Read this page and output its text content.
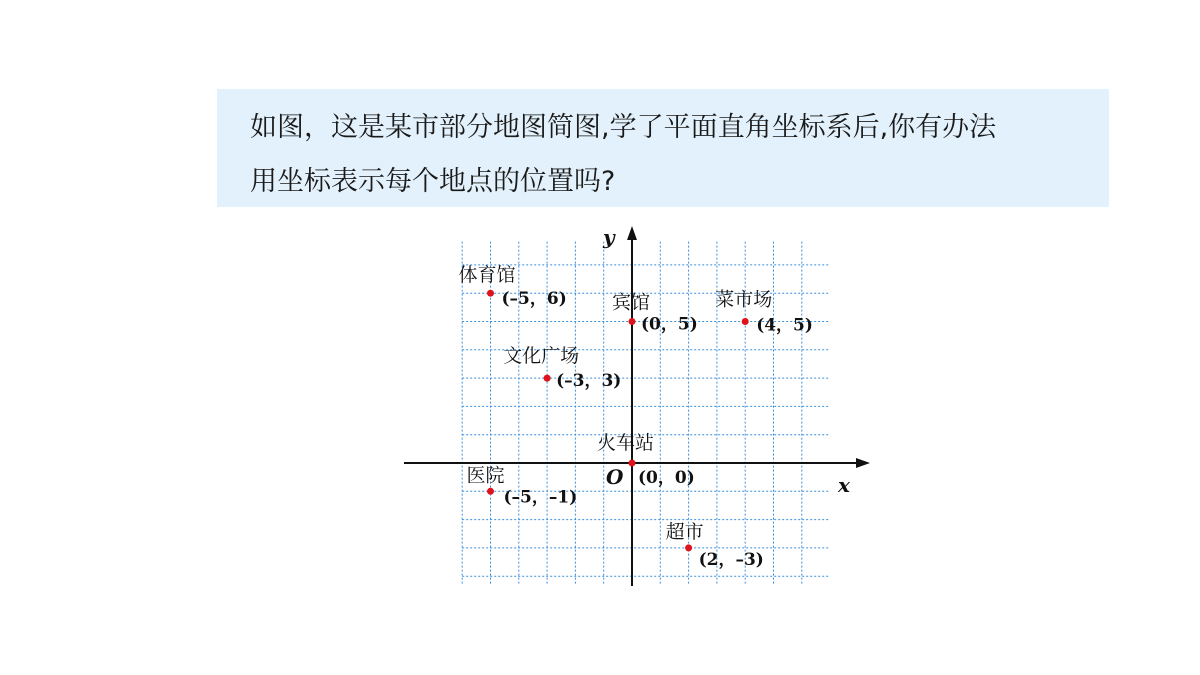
如图，这是某市部分地图简图,学了平面直角坐标系后,你有办法
用坐标表示每个地点的位置吗?
x
y
O
体育馆
(–5，6) 宾馆
(0，5)
菜市场
(4，5)
文化广场
(–3，3)
火车站
(0，0)
医院
(–5，–1)
超市
(2，–3)
